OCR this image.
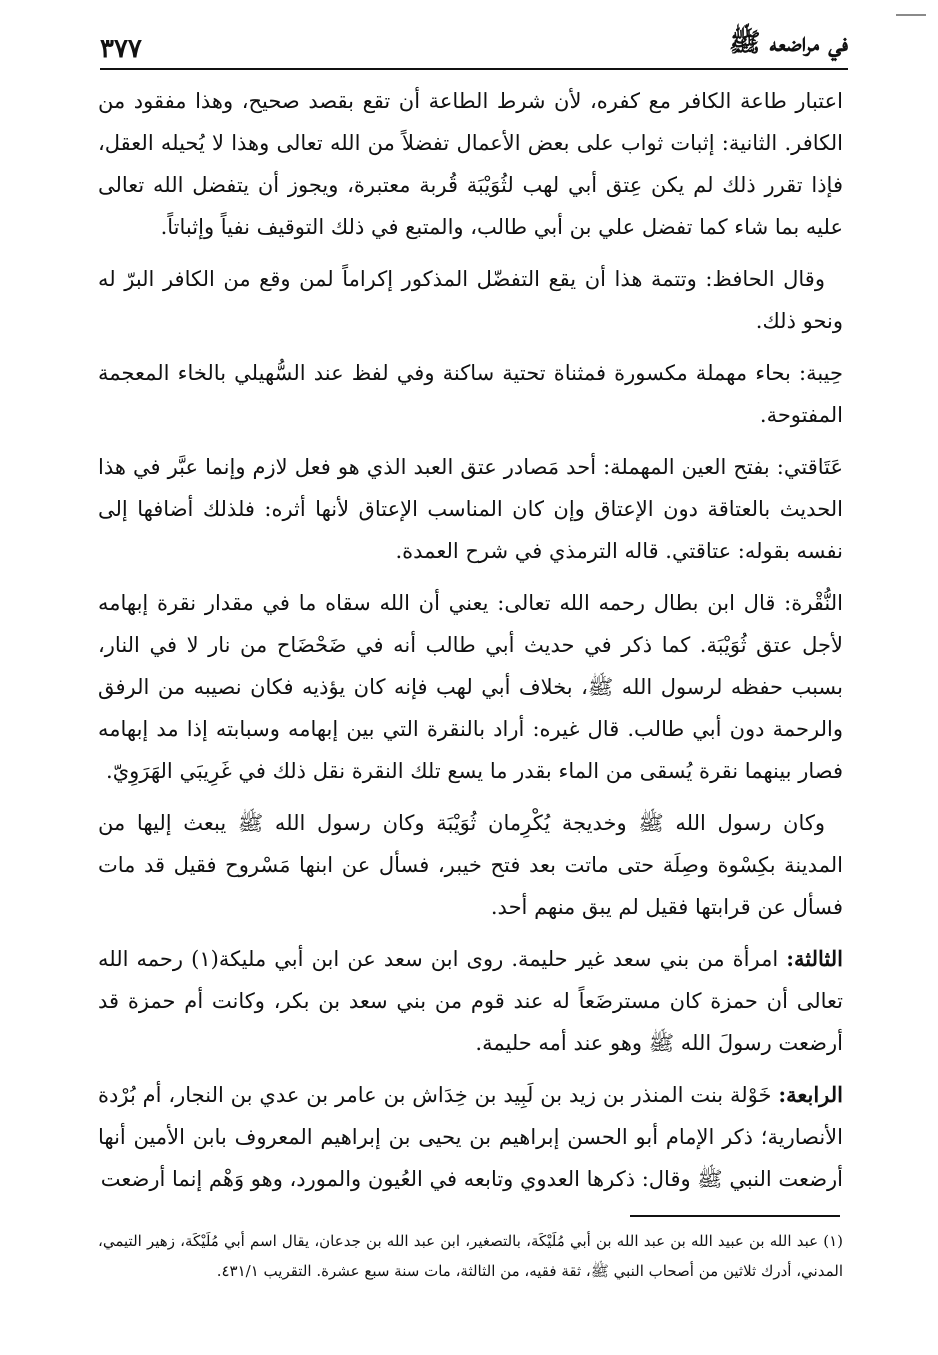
في مراضعه ﷺ
٣٧٧

اعتبار طاعة الكافر مع كفره، لأن شرط الطاعة أن تقع بقصد صحيح، وهذا مفقود من الكافر. الثانية: إثبات ثواب على بعض الأعمال تفضلاً من الله تعالى وهذا لا يُحيله العقل، فإذا تقرر ذلك لم يكن عِتق أبي لهب لثُوَيْبَة قُربة معتبرة، ويجوز أن يتفضل الله تعالى عليه بما شاء كما تفضل علي بن أبي طالب، والمتبع في ذلك التوقيف نفياً وإثباتاً.

وقال الحافظ: وتتمة هذا أن يقع التفضّل المذكور إكراماً لمن وقع من الكافر البرّ له ونحو ذلك.

حِيبة: بحاء مهملة مكسورة فمثناة تحتية ساكنة وفي لفظ عند السُّهيلي بالخاء المعجمة المفتوحة.

عَتَاقتي: بفتح العين المهملة: أحد مَصادر عتق العبد الذي هو فعل لازم وإنما عبَّر في هذا الحديث بالعتاقة دون الإعتاق وإن كان المناسب الإعتاق لأنها أثره: فلذلك أضافها إلى نفسه بقوله: عتاقتي. قاله الترمذي في شرح العمدة.

النُّقْرة: قال ابن بطال رحمه الله تعالى: يعني أن الله سقاه ما في مقدار نقرة إبهامه لأجل عتق ثُوَيْبَة. كما ذكر في حديث أبي طالب أنه في ضَحْضَاح من نار لا في النار، بسبب حفظه لرسول الله ﷺ، بخلاف أبي لهب فإنه كان يؤذيه فكان نصيبه من الرفق والرحمة دون أبي طالب. قال غيره: أراد بالنقرة التي بين إبهامه وسبابته إذا مد إبهامه فصار بينهما نقرة يُسقى من الماء بقدر ما يسع تلك النقرة نقل ذلك في غَرِيبَي الهَرَوِيّ.

وكان رسول الله ﷺ وخديجة يُكْرِمان ثُوَيْبَة وكان رسول الله ﷺ يبعث إليها من المدينة بكِسْوة وصِلَة حتى ماتت بعد فتح خيبر، فسأل عن ابنها مَسْروح فقيل قد مات فسأل عن قرابتها فقيل لم يبق منهم أحد.

الثالثة: امرأة من بني سعد غير حليمة. روى ابن سعد عن ابن أبي مليكة(١) رحمه الله تعالى أن حمزة كان مسترضَعاً له عند قوم من بني سعد بن بكر، وكانت أم حمزة قد أرضعت رسولَ الله ﷺ وهو عند أمه حليمة.

الرابعة: خَوْلة بنت المنذر بن زيد بن لَبِيد بن خِدَاش بن عامر بن عدي بن النجار، أم بُرْدة الأنصارية؛ ذكر الإمام أبو الحسن إبراهيم بن يحيى بن إبراهيم المعروف بابن الأمين أنها أرضعت النبي ﷺ وقال: ذكرها العدوي وتابعه في العُيون والمورد، وهو وَهْم إنما أرضعت

(١) عبد الله بن عبيد الله بن عبد الله بن أبي مُلَيْكَة، بالتصغير، ابن عبد الله بن جدعان، يقال اسم أبي مُلَيْكَة، زهير التيمي، المدني، أدرك ثلاثين من أصحاب النبي ﷺ، ثقة فقيه، من الثالثة، مات سنة سبع عشرة. التقريب ٤٣١/١.
